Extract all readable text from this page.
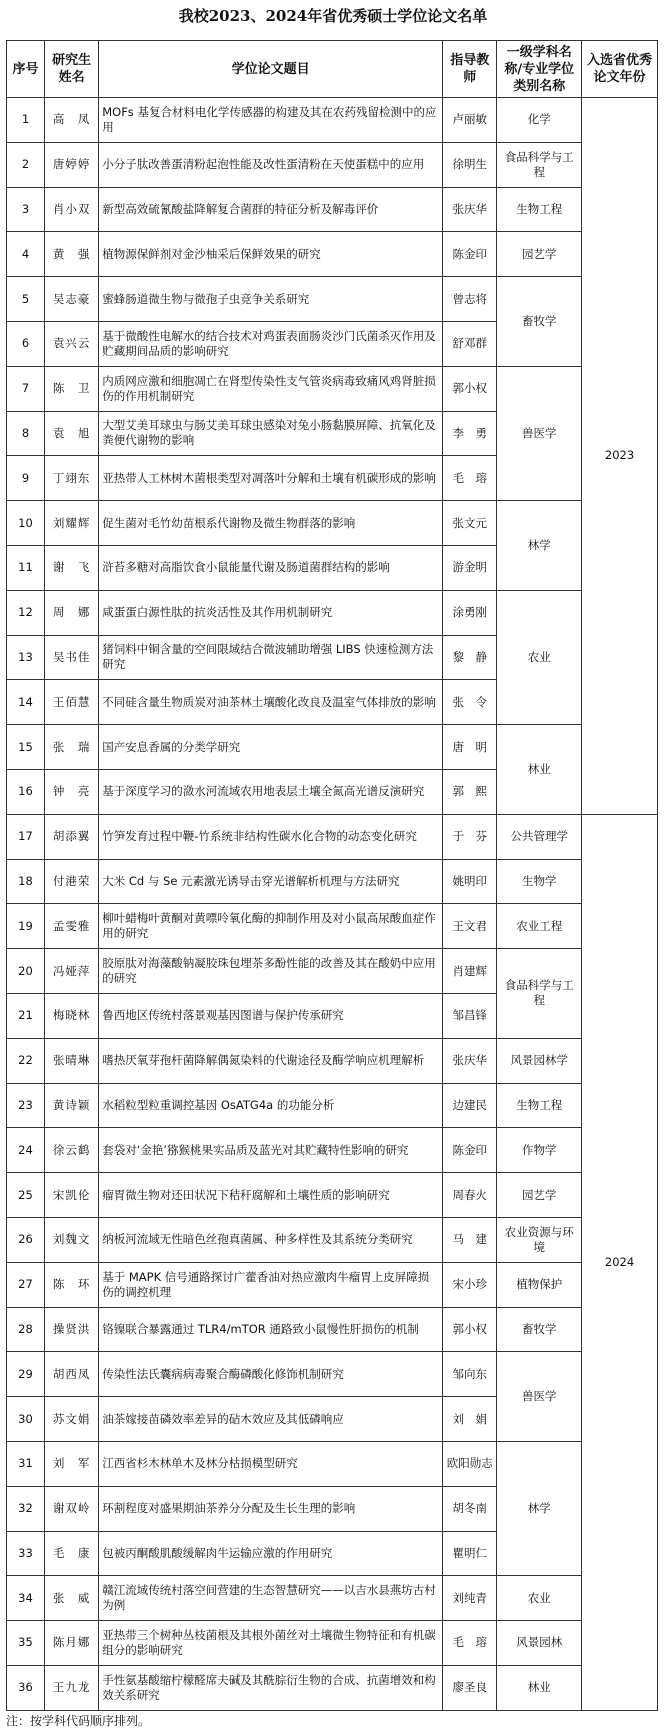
我校2023、2024年省优秀硕士学位论文名单
序号	研究生姓名	学位论文题目	指导教师	一级学科名称/专业学位类别名称	入选省优秀论文年份
1	高　凤	MOFs 基复合材料电化学传感器的构建及其在农药残留检测中的应用	卢丽敏	化学	2023
2	唐婷婷	小分子肽改善蛋清粉起泡性能及改性蛋清粉在天使蛋糕中的应用	徐明生	食品科学与工程	
3	肖小双	新型高效硫氰酸盐降解复合菌群的特征分析及解毒评价	张庆华	生物工程	
4	黄　强	植物源保鲜剂对金沙柚采后保鲜效果的研究	陈金印	园艺学	
5	吴志豪	蜜蜂肠道微生物与微孢子虫竞争关系研究	曾志将	畜牧学	
6	袁兴云	基于微酸性电解水的结合技术对鸡蛋表面肠炎沙门氏菌杀灭作用及贮藏期间品质的影响研究	舒邓群		
7	陈　卫	内质网应激和细胞凋亡在肾型传染性支气管炎病毒致痛风鸡肾脏损伤的作用机制研究	郭小权	兽医学	
8	袁　旭	大型艾美耳球虫与肠艾美耳球虫感染对兔小肠黏膜屏障、抗氧化及粪便代谢物的影响	李　勇		
9	丁翊东	亚热带人工林树木菌根类型对凋落叶分解和土壤有机碳形成的影响	毛　瑢		
10	刘耀辉	促生菌对毛竹幼苗根系代谢物及微生物群落的影响	张文元	林学	
11	谢　飞	浒苔多糖对高脂饮食小鼠能量代谢及肠道菌群结构的影响	游金明		
12	周　娜	咸蛋蛋白源性肽的抗炎活性及其作用机制研究	涂勇刚	农业	
13	吴书佳	猪饲料中铜含量的空间限域结合微波辅助增强 LIBS 快速检测方法研究	黎　静		
14	王佰慧	不同硅含量生物质炭对油茶林土壤酸化改良及温室气体排放的影响	张　令		
15	张　瑞	国产安息香属的分类学研究	唐　明	林业	
16	钟　亮	基于深度学习的潋水河流域农用地表层土壤全氮高光谱反演研究	郭　熙		
17	胡添翼	竹笋发育过程中鞭-竹系统非结构性碳水化合物的动态变化研究	于　芬	公共管理学	2024
18	付港荣	大米 Cd 与 Se 元素激光诱导击穿光谱解析机理与方法研究	姚明印	生物学	
19	孟雯雅	柳叶蜡梅叶黄酮对黄嘌呤氧化酶的抑制作用及对小鼠高尿酸血症作用的研究	王文君	农业工程	
20	冯娅萍	胶原肽对海藻酸钠凝胶珠包埋茶多酚性能的改善及其在酸奶中应用的研究	肖建辉	食品科学与工程	
21	梅晓林	鲁西地区传统村落景观基因图谱与保护传承研究	邹昌锋		
22	张晴琳	嗜热厌氧芽孢杆菌降解偶氮染料的代谢途径及酶学响应机理解析	张庆华	风景园林学	
23	黄诗颖	水稻粒型粒重调控基因 OsATG4a 的功能分析	边建民	生物工程	
24	徐云鹤	套袋对‘金艳’猕猴桃果实品质及蓝光对其贮藏特性影响的研究	陈金印	作物学	
25	宋凯伦	瘤胃微生物对还田状况下秸秆腐解和土壤性质的影响研究	周春火	园艺学	
26	刘魏文	纳板河流域无性暗色丝孢真菌属、种多样性及其系统分类研究	马　建	农业资源与环境	
27	陈　环	基于 MAPK 信号通路探讨广藿香油对热应激肉牛瘤胃上皮屏障损伤的调控机理	宋小珍	植物保护	
28	操贤洪	铬镍联合暴露通过 TLR4/mTOR 通路致小鼠慢性肝损伤的机制	郭小权	畜牧学	
29	胡西凤	传染性法氏囊病病毒聚合酶磷酸化修饰机制研究	邹向东	兽医学	
30	苏文娟	油茶嫁接苗磷效率差异的砧木效应及其低磷响应	刘　娟		
31	刘　军	江西省杉木林单木及林分枯损模型研究	欧阳勋志	林学	
32	谢双岭	环割程度对盛果期油茶养分分配及生长生理的影响	胡冬南		
33	毛　康	包被丙酮酸肌酸缓解肉牛运输应激的作用研究	瞿明仁		
34	张　威	赣江流域传统村落空间营建的生态智慧研究——以吉水县燕坊古村为例	刘纯青	农业	
35	陈月娜	亚热带三个树种丛枝菌根及其根外菌丝对土壤微生物特征和有机碳组分的影响研究	毛　瑢	风景园林	
36	王九龙	手性氨基酸缩柠檬醛席夫碱及其酰腙衍生物的合成、抗菌增效和构效关系研究	廖圣良	林业	
注：按学科代码顺序排列。
